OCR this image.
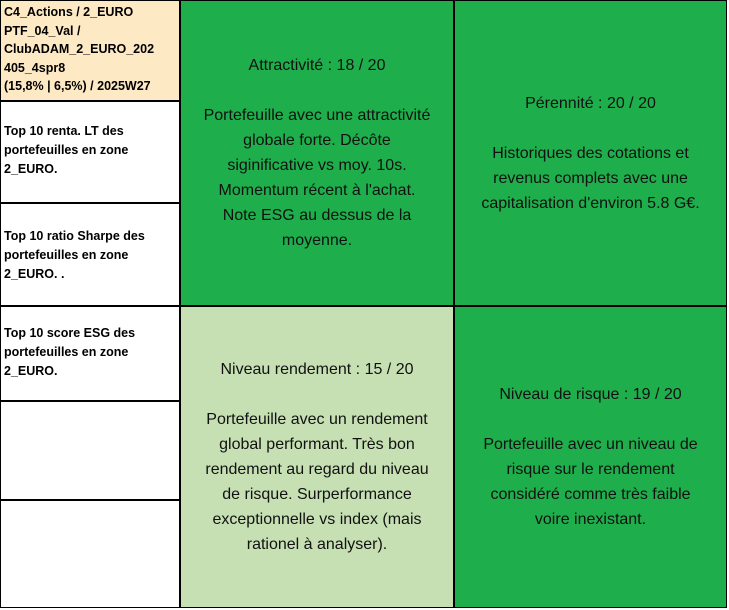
C4_Actions / 2_EURO
PTF_04_Val /
ClubADAM_2_EURO_202
405_4spr8
(15,8% | 6,5%) / 2025W27
Top 10 renta. LT des
portefeuilles en zone
2_EURO.
Top 10 ratio Sharpe des
portefeuilles en zone
2_EURO. .
Top 10 score ESG des
portefeuilles en zone
2_EURO.
Attractivité : 18 / 20
Portefeuille avec une attractivité
globale forte. Décôte
siginificative vs moy. 10s.
Momentum récent à l'achat.
Note ESG au dessus de la
moyenne.
Pérennité : 20 / 20
Historiques des cotations et
revenus complets avec une
capitalisation d'environ 5.8 G€.
Niveau rendement : 15 / 20
Portefeuille avec un rendement
global performant. Très bon
rendement au regard du niveau
de risque. Surperformance
exceptionnelle vs index (mais
rationel à analyser).
Niveau de risque : 19 / 20
Portefeuille avec un niveau de
risque sur le rendement
considéré comme très faible
voire inexistant.
